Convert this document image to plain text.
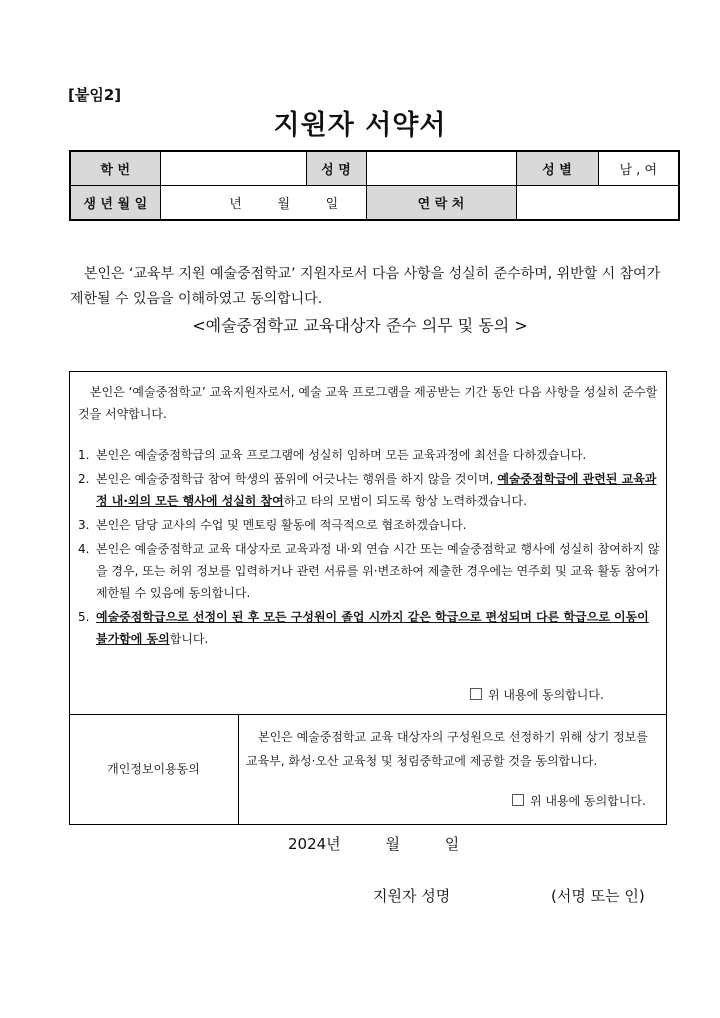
[붙임2]
지원자 서약서
학 번		성 명		성 별	남 , 여
생 년 월 일	년 월 일		연 락 처		
본인은 ‘교육부 지원 예술중점학교’ 지원자로서 다음 사항을 성실히 준수하며, 위반할 시 참여가 제한될 수 있음을 이해하였고 동의합니다.
<예술중점학교 교육대상자 준수 의무 및 동의 >
본인은 ‘예술중점학교’ 교육지원자로서, 예술 교육 프로그램을 제공받는 기간 동안 다음 사항을 성실히 준수할 것을 서약합니다.
1. 본인은 예술중점학급의 교육 프로그램에 성실히 임하며 모든 교육과정에 최선을 다하겠습니다.
2. 본인은 예술중점학급 참여 학생의 품위에 어긋나는 행위를 하지 않을 것이며, 예술중점학급에 관련된 교육과정 내·외의 모든 행사에 성실히 참여하고 타의 모범이 되도록 항상 노력하겠습니다.
3. 본인은 담당 교사의 수업 및 멘토링 활동에 적극적으로 협조하겠습니다.
4. 본인은 예술중점학교 교육 대상자로 교육과정 내·외 연습 시간 또는 예술중점학교 행사에 성실히 참여하지 않을 경우, 또는 허위 정보를 입력하거나 관련 서류를 위·변조하여 제출한 경우에는 연주회 및 교육 활동 참여가 제한될 수 있음에 동의합니다.
5. 예술중점학급으로 선정이 된 후 모든 구성원이 졸업 시까지 같은 학급으로 편성되며 다른 학급으로 이동이 불가함에 동의합니다.
위 내용에 동의합니다.
개인정보이용동의
본인은 예술중점학교 교육 대상자의 구성원으로 선정하기 위해 상기 정보를 교육부, 화성·오산 교육청 및 청림중학교에 제공할 것을 동의합니다.
위 내용에 동의합니다.
2024년	월	일
지원자 성명	(서명 또는 인)
